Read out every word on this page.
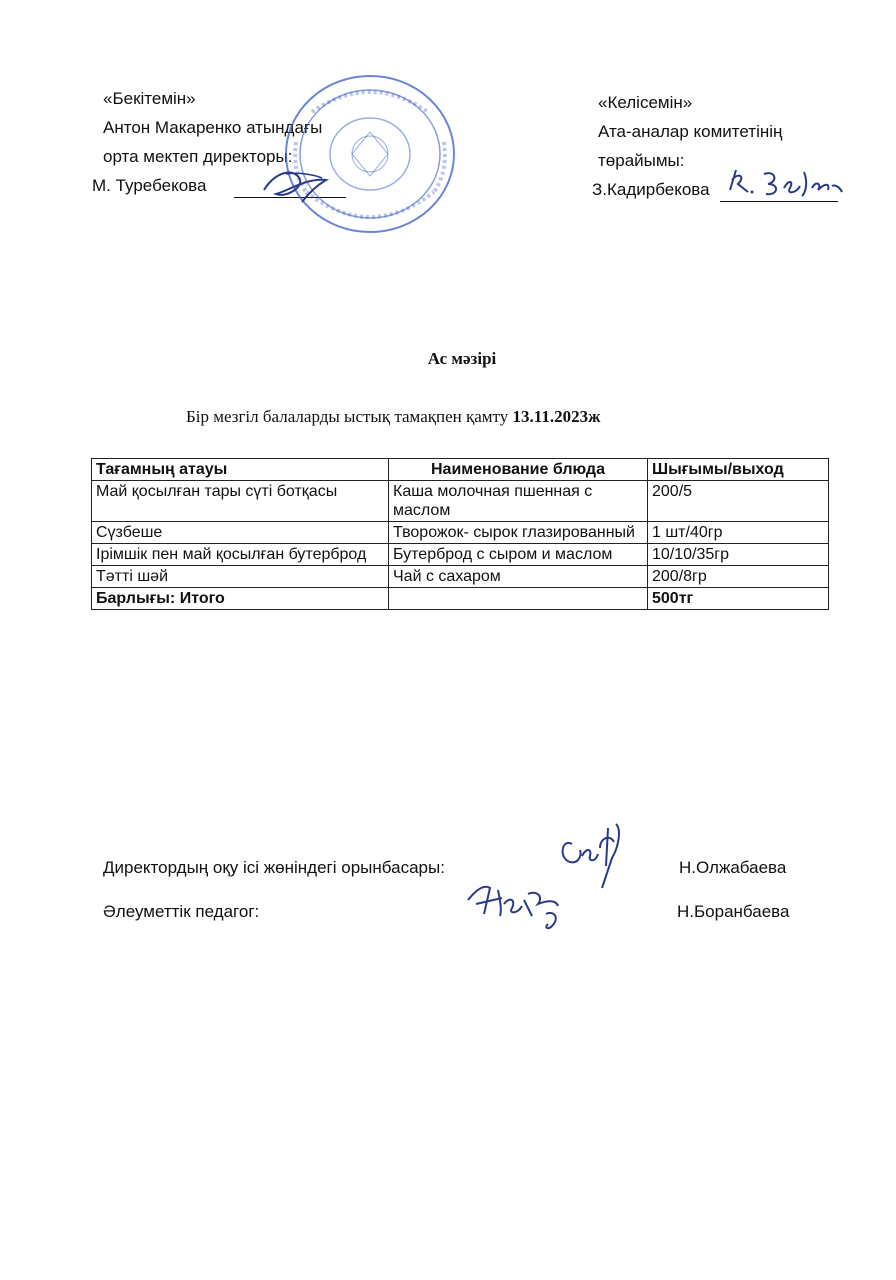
«Бекітемін»
Антон Макаренко атындағы
орта мектеп директоры:
М. Туребекова
«Келісемін»
Ата-аналар комитетінің
төрайымы:
З.Кадирбекова
Ас мәзірі
Бір мезгіл балаларды ыстық тамақпен қамту 13.11.2023ж
Тағамның атауы	Наименование блюда	Шығымы/выход
Май қосылған тары сүті ботқасы	Каша молочная пшенная с маслом	200/5
Сүзбеше	Творожок- сырок глазированный	1 шт/40гр
Ірімшік пен май қосылған бутерброд	Бутерброд с сыром и маслом	10/10/35гр
Тәтті шәй	Чай с сахаром	200/8гр
Барлығы: Итого		500тг
Директордың оқу ісі жөніндегі орынбасары:	Н.Олжабаева
Әлеуметтік педагог:	Н.Боранбаева
